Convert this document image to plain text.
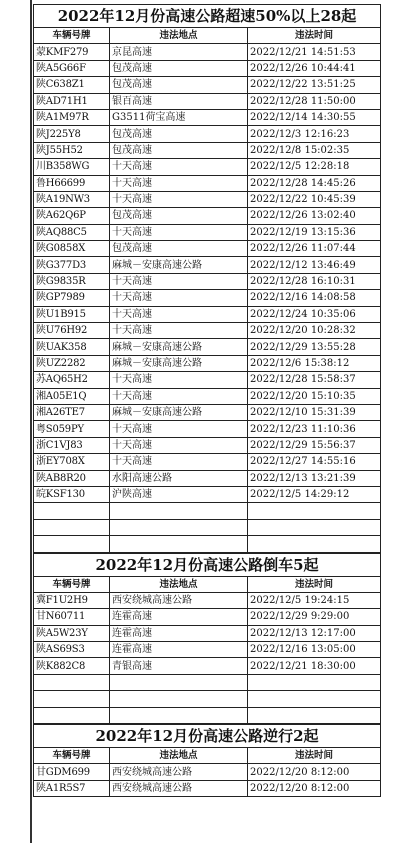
2022年12月份高速公路超速50%以上28起		
车辆号牌	违法地点	违法时间
蒙KMF279	京昆高速	2022/12/21 14:51:53
陕A5G66F	包茂高速	2022/12/26 10:44:41
陕C638Z1	包茂高速	2022/12/22 13:51:25
陕AD71H1	银百高速	2022/12/28 11:50:00
陕A1M97R	G3511荷宝高速	2022/12/14 14:30:55
陕J225Y8	包茂高速	2022/12/3 12:16:23
陕J55H52	包茂高速	2022/12/8 15:02:35
川B358WG	十天高速	2022/12/5 12:28:18
鲁H66699	十天高速	2022/12/28 14:45:26
陕A19NW3	十天高速	2022/12/22 10:45:39
陕A62Q6P	包茂高速	2022/12/26 13:02:40
陕AQ88C5	十天高速	2022/12/19 13:15:36
陕G0858X	包茂高速	2022/12/26 11:07:44
陕G377D3	麻城－安康高速公路	2022/12/12 13:46:49
陕G9835R	十天高速	2022/12/28 16:10:31
陕GP7989	十天高速	2022/12/16 14:08:58
陕U1B915	十天高速	2022/12/24 10:35:06
陕U76H92	十天高速	2022/12/20 10:28:32
陕UAK358	麻城－安康高速公路	2022/12/29 13:55:28
陕UZ2282	麻城－安康高速公路	2022/12/6 15:38:12
苏AQ65H2	十天高速	2022/12/28 15:58:37
湘A05E1Q	十天高速	2022/12/20 15:10:35
湘A26TE7	麻城－安康高速公路	2022/12/10 15:31:39
粤S059PY	十天高速	2022/12/23 11:10:36
浙C1VJ83	十天高速	2022/12/29 15:56:37
浙EY708X	十天高速	2022/12/27 14:55:16
陕AB8R20	水阳高速公路	2022/12/13 13:21:39
皖KSF130	沪陕高速	2022/12/5 14:29:12

2022年12月份高速公路倒车5起		
车辆号牌	违法地点	违法时间
冀F1U2H9	西安绕城高速公路	2022/12/5 19:24:15
甘N60711	连霍高速	2022/12/29 9:29:00
陕A5W23Y	连霍高速	2022/12/13 12:17:00
陕AS69S3	连霍高速	2022/12/16 13:05:00
陕K882C8	青银高速	2022/12/21 18:30:00

2022年12月份高速公路逆行2起		
车辆号牌	违法地点	违法时间
甘GDM699	西安绕城高速公路	2022/12/20 8:12:00
陕A1R5S7	西安绕城高速公路	2022/12/20 8:12:00
